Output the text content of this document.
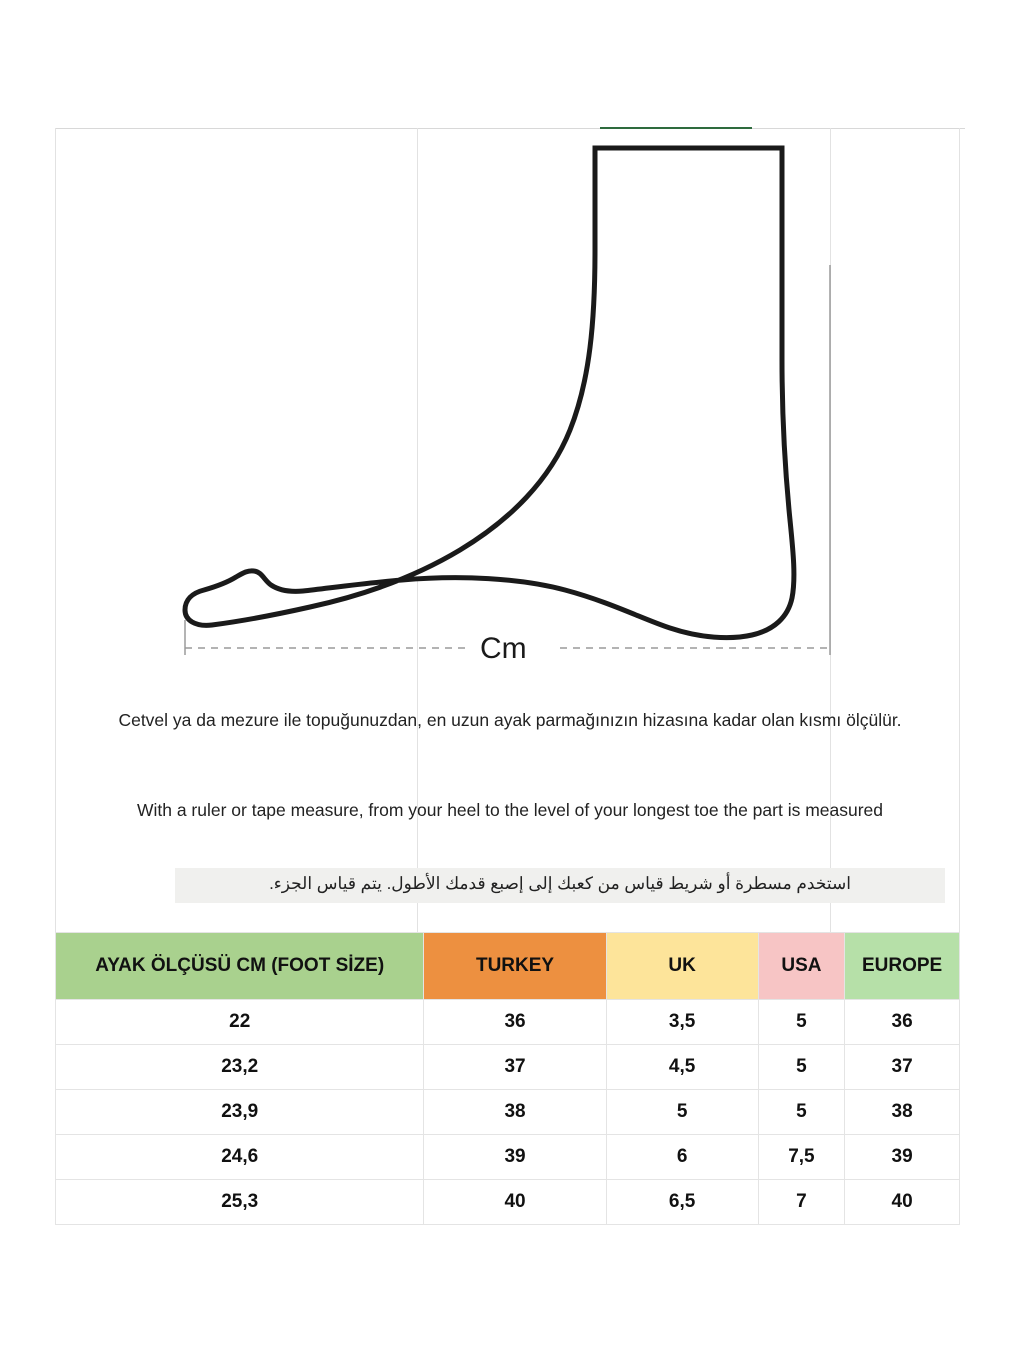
Cm
Cetvel ya da mezure ile topuğunuzdan, en uzun ayak parmağınızın hizasına kadar olan kısmı ölçülür.
With a ruler or tape measure, from your heel to the level of your longest toe the part is measured
استخدم مسطرة أو شريط قياس من كعبك إلى إصبع قدمك الأطول. يتم قياس الجزء.
AYAK ÖLÇÜSÜ CM (FOOT SİZE)	TURKEY	UK	USA	EUROPE
22	36	3,5	5	36
23,2	37	4,5	5	37
23,9	38	5	5	38
24,6	39	6	7,5	39
25,3	40	6,5	7	40
